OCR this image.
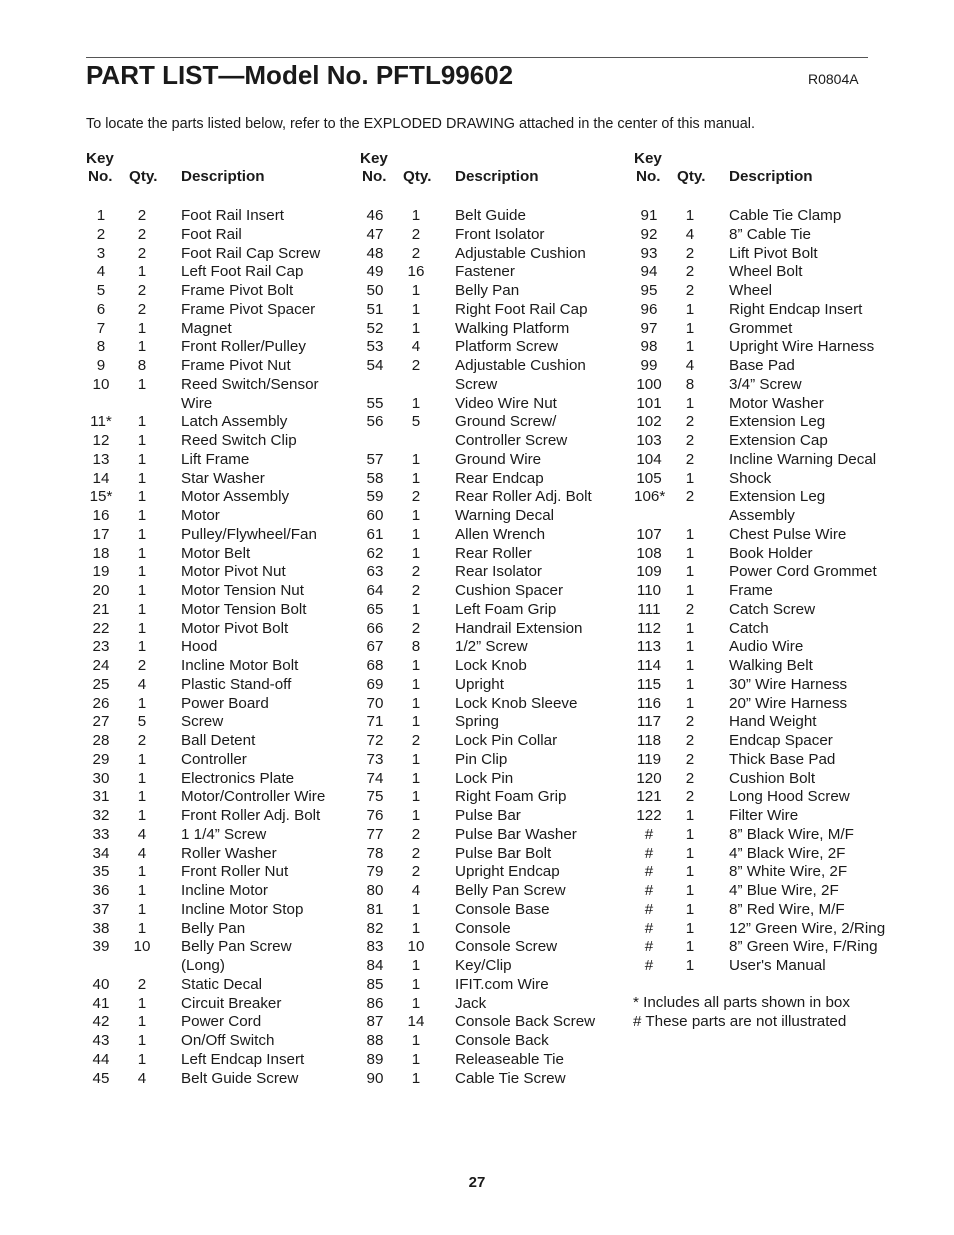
PART LIST—Model No. PFTL99602	R0804A
To locate the parts listed below, refer to the EXPLODED DRAWING attached in the center of this manual.
Key
No. Qty. Description
1	2	Foot Rail Insert
2	2	Foot Rail
3	2	Foot Rail Cap Screw
4	1	Left Foot Rail Cap
5	2	Frame Pivot Bolt
6	2	Frame Pivot Spacer
7	1	Magnet
8	1	Front Roller/Pulley
9	8	Frame Pivot Nut
10	1	Reed Switch/Sensor
Wire
11*	1	Latch Assembly
12	1	Reed Switch Clip
13	1	Lift Frame
14	1	Star Washer
15*	1	Motor Assembly
16	1	Motor
17	1	Pulley/Flywheel/Fan
18	1	Motor Belt
19	1	Motor Pivot Nut
20	1	Motor Tension Nut
21	1	Motor Tension Bolt
22	1	Motor Pivot Bolt
23	1	Hood
24	2	Incline Motor Bolt
25	4	Plastic Stand-off
26	1	Power Board
27	5	Screw
28	2	Ball Detent
29	1	Controller
30	1	Electronics Plate
31	1	Motor/Controller Wire
32	1	Front Roller Adj. Bolt
33	4	1 1/4” Screw
34	4	Roller Washer
35	1	Front Roller Nut
36	1	Incline Motor
37	1	Incline Motor Stop
38	1	Belly Pan
39	10	Belly Pan Screw
(Long)
40	2	Static Decal
41	1	Circuit Breaker
42	1	Power Cord
43	1	On/Off Switch
44	1	Left Endcap Insert
45	4	Belt Guide Screw
Key
No. Qty. Description
46	1	Belt Guide
47	2	Front Isolator
48	2	Adjustable Cushion
49	16	Fastener
50	1	Belly Pan
51	1	Right Foot Rail Cap
52	1	Walking Platform
53	4	Platform Screw
54	2	Adjustable Cushion
Screw
55	1	Video Wire Nut
56	5	Ground Screw/
Controller Screw
57	1	Ground Wire
58	1	Rear Endcap
59	2	Rear Roller Adj. Bolt
60	1	Warning Decal
61	1	Allen Wrench
62	1	Rear Roller
63	2	Rear Isolator
64	2	Cushion Spacer
65	1	Left Foam Grip
66	2	Handrail Extension
67	8	1/2” Screw
68	1	Lock Knob
69	1	Upright
70	1	Lock Knob Sleeve
71	1	Spring
72	2	Lock Pin Collar
73	1	Pin Clip
74	1	Lock Pin
75	1	Right Foam Grip
76	1	Pulse Bar
77	2	Pulse Bar Washer
78	2	Pulse Bar Bolt
79	2	Upright Endcap
80	4	Belly Pan Screw
81	1	Console Base
82	1	Console
83	10	Console Screw
84	1	Key/Clip
85	1	IFIT.com Wire
86	1	Jack
87	14	Console Back Screw
88	1	Console Back
89	1	Releaseable Tie
90	1	Cable Tie Screw
Key
No. Qty. Description
91	1	Cable Tie Clamp
92	4	8” Cable Tie
93	2	Lift Pivot Bolt
94	2	Wheel Bolt
95	2	Wheel
96	1	Right Endcap Insert
97	1	Grommet
98	1	Upright Wire Harness
99	4	Base Pad
100	8	3/4” Screw
101	1	Motor Washer
102	2	Extension Leg
103	2	Extension Cap
104	2	Incline Warning Decal
105	1	Shock
106*	2	Extension Leg
Assembly
107	1	Chest Pulse Wire
108	1	Book Holder
109	1	Power Cord Grommet
110	1	Frame
111	2	Catch Screw
112	1	Catch
113	1	Audio Wire
114	1	Walking Belt
115	1	30” Wire Harness
116	1	20” Wire Harness
117	2	Hand Weight
118	2	Endcap Spacer
119	2	Thick Base Pad
120	2	Cushion Bolt
121	2	Long Hood Screw
122	1	Filter Wire
#	1	8” Black Wire, M/F
#	1	4” Black Wire, 2F
#	1	8” White Wire, 2F
#	1	4” Blue Wire, 2F
#	1	8” Red Wire, M/F
#	1	12” Green Wire, 2/Ring
#	1	8” Green Wire, F/Ring
#	1	User's Manual
* Includes all parts shown in box
# These parts are not illustrated
27
